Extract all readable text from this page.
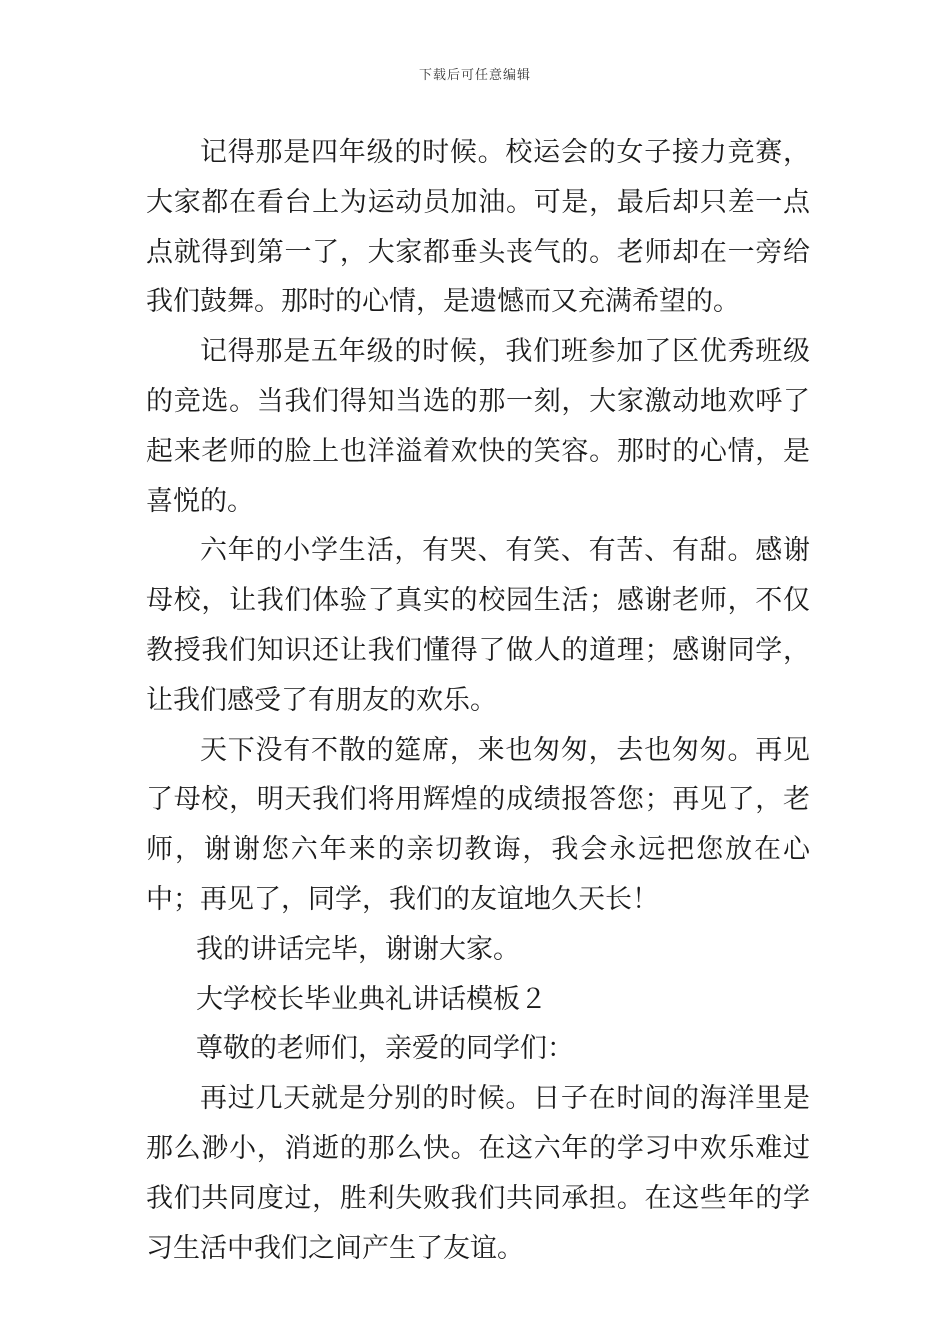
下载后可任意编辑

记得那是四年级的时候。校运会的女子接力竞赛，大家都在看台上为运动员加油。可是，最后却只差一点点就得到第一了，大家都垂头丧气的。老师却在一旁给我们鼓舞。那时的心情，是遗憾而又充满希望的。

记得那是五年级的时候，我们班参加了区优秀班级的竞选。当我们得知当选的那一刻，大家激动地欢呼了起来老师的脸上也洋溢着欢快的笑容。那时的心情，是喜悦的。

六年的小学生活，有哭、有笑、有苦、有甜。感谢母校，让我们体验了真实的校园生活；感谢老师，不仅教授我们知识还让我们懂得了做人的道理；感谢同学，让我们感受了有朋友的欢乐。

天下没有不散的筵席，来也匆匆，去也匆匆。再见了母校，明天我们将用辉煌的成绩报答您；再见了，老师，谢谢您六年来的亲切教诲，我会永远把您放在心中；再见了，同学，我们的友谊地久天长！

我的讲话完毕，谢谢大家。

大学校长毕业典礼讲话模板２

尊敬的老师们，亲爱的同学们：

再过几天就是分别的时候。日子在时间的海洋里是那么渺小，消逝的那么快。在这六年的学习中欢乐难过我们共同度过，胜利失败我们共同承担。在这些年的学习生活中我们之间产生了友谊。
